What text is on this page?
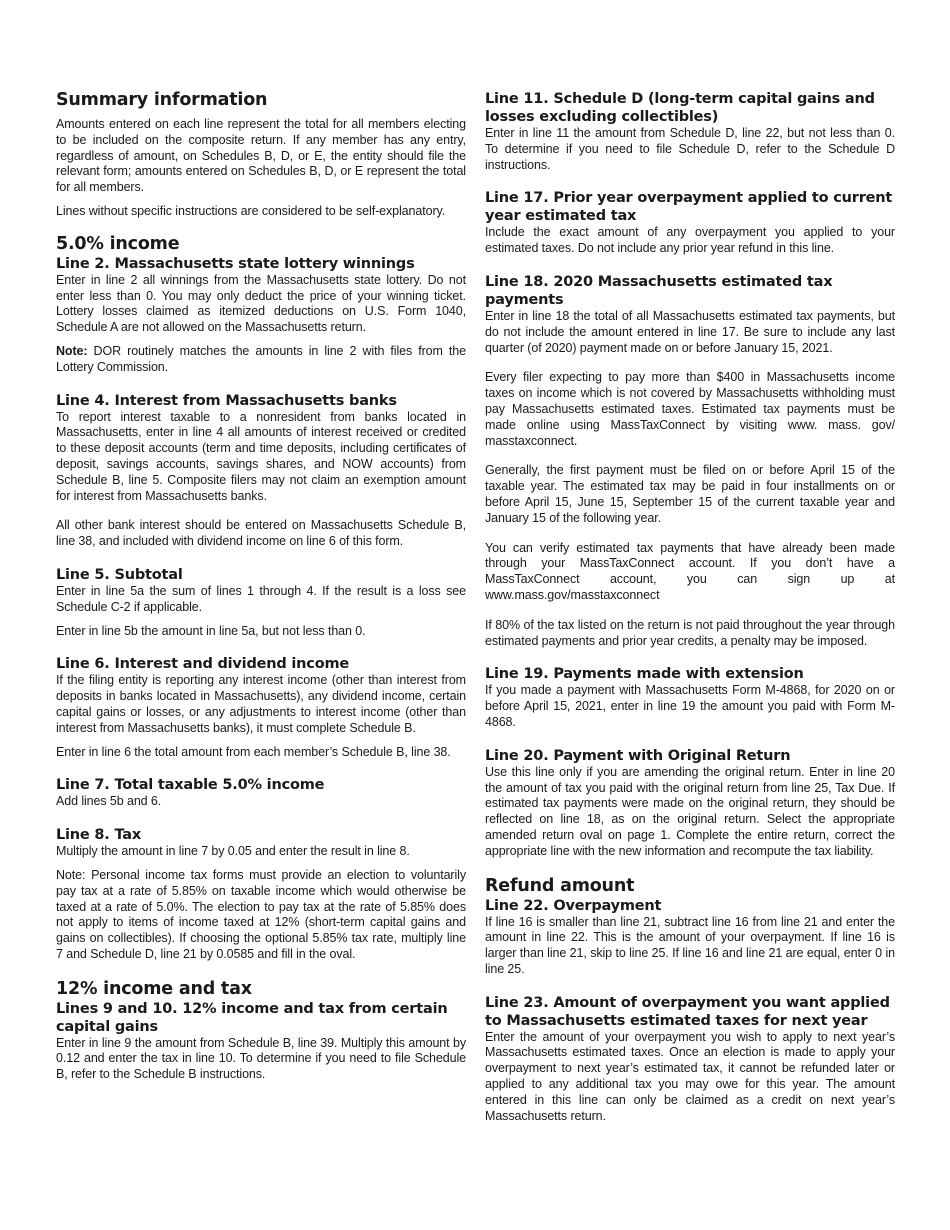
Summary information

Amounts entered on each line represent the total for all members electing to be included on the composite return. If any member has any entry, regardless of amount, on Schedules B, D, or E, the entity should file the relevant form; amounts entered on Schedules B, D, or E represent the total for all members.

Lines without specific instructions are considered to be self-explanatory.

5.0% income
Line 2. Massachusetts state lottery winnings

Enter in line 2 all winnings from the Massachusetts state lottery. Do not enter less than 0. You may only deduct the price of your winning ticket. Lottery losses claimed as itemized deductions on U.S. Form 1040, Schedule A are not allowed on the Massachusetts return.

Note: DOR routinely matches the amounts in line 2 with files from the Lottery Commission.

Line 4. Interest from Massachusetts banks

To report interest taxable to a nonresident from banks located in Massachusetts, enter in line 4 all amounts of interest received or credited to these deposit accounts (term and time deposits, including certificates of deposit, savings accounts, savings shares, and NOW accounts) from Schedule B, line 5. Composite filers may not claim an exemption amount for interest from Massachusetts banks.

All other bank interest should be entered on Massachusetts Schedule B, line 38, and included with dividend income on line 6 of this form.

Line 5. Subtotal

Enter in line 5a the sum of lines 1 through 4. If the result is a loss see Schedule C-2 if applicable.

Enter in line 5b the amount in line 5a, but not less than 0.

Line 6. Interest and dividend income

If the filing entity is reporting any interest income (other than interest from deposits in banks located in Massachusetts), any dividend income, certain capital gains or losses, or any adjustments to interest income (other than interest from Massachusetts banks), it must complete Schedule B.

Enter in line 6 the total amount from each member’s Schedule B, line 38.

Line 7. Total taxable 5.0% income

Add lines 5b and 6.

Line 8. Tax

Multiply the amount in line 7 by 0.05 and enter the result in line 8.

Note: Personal income tax forms must provide an election to voluntarily pay tax at a rate of 5.85% on taxable income which would otherwise be taxed at a rate of 5.0%. The election to pay tax at the rate of 5.85% does not apply to items of income taxed at 12% (short-term capital gains and gains on collectibles). If choosing the optional 5.85% tax rate, multiply line 7 and Schedule D, line 21 by 0.0585 and fill in the oval.

12% income and tax
Lines 9 and 10. 12% income and tax from certain capital gains

Enter in line 9 the amount from Schedule B, line 39. Multiply this amount by 0.12 and enter the tax in line 10. To determine if you need to file Schedule B, refer to the Schedule B instructions.

Line 11. Schedule D (long-term capital gains and losses excluding collectibles)

Enter in line 11 the amount from Schedule D, line 22, but not less than 0. To determine if you need to file Schedule D, refer to the Schedule D instructions.

Line 17. Prior year overpayment applied to current year estimated tax

Include the exact amount of any overpayment you applied to your estimated taxes. Do not include any prior year refund in this line.

Line 18. 2020 Massachusetts estimated tax payments

Enter in line 18 the total of all Massachusetts estimated tax payments, but do not include the amount entered in line 17. Be sure to include any last quarter (of 2020) payment made on or before January 15, 2021.

Every filer expecting to pay more than $400 in Massachusetts income taxes on income which is not covered by Massachusetts withholding must pay Massachusetts estimated taxes. Estimated tax payments must be made online using MassTaxConnect by visiting www. mass. gov/ masstaxconnect.

Generally, the first payment must be filed on or before April 15 of the taxable year. The estimated tax may be paid in four installments on or before April 15, June 15, September 15 of the current taxable year and January 15 of the following year.

You can verify estimated tax payments that have already been made through your MassTaxConnect account. If you don’t have a MassTaxConnect account, you can sign up at www.mass.gov/masstaxconnect

If 80% of the tax listed on the return is not paid throughout the year through estimated payments and prior year credits, a penalty may be imposed.

Line 19. Payments made with extension

If you made a payment with Massachusetts Form M-4868, for 2020 on or before April 15, 2021, enter in line 19 the amount you paid with Form M-4868.

Line 20. Payment with Original Return

Use this line only if you are amending the original return. Enter in line 20 the amount of tax you paid with the original return from line 25, Tax Due. If estimated tax payments were made on the original return, they should be reflected on line 18, as on the original return. Select the appropriate amended return oval on page 1. Complete the entire return, correct the appropriate line with the new information and recompute the tax liability.

Refund amount
Line 22. Overpayment

If line 16 is smaller than line 21, subtract line 16 from line 21 and enter the amount in line 22. This is the amount of your overpayment. If line 16 is larger than line 21, skip to line 25. If line 16 and line 21 are equal, enter 0 in line 25.

Line 23. Amount of overpayment you want applied to Massachusetts estimated taxes for next year

Enter the amount of your overpayment you wish to apply to next year’s Massachusetts estimated taxes. Once an election is made to apply your overpayment to next year’s estimated tax, it cannot be refunded later or applied to any additional tax you may owe for this year. The amount entered in this line can only be claimed as a credit on next year’s Massachusetts return.
